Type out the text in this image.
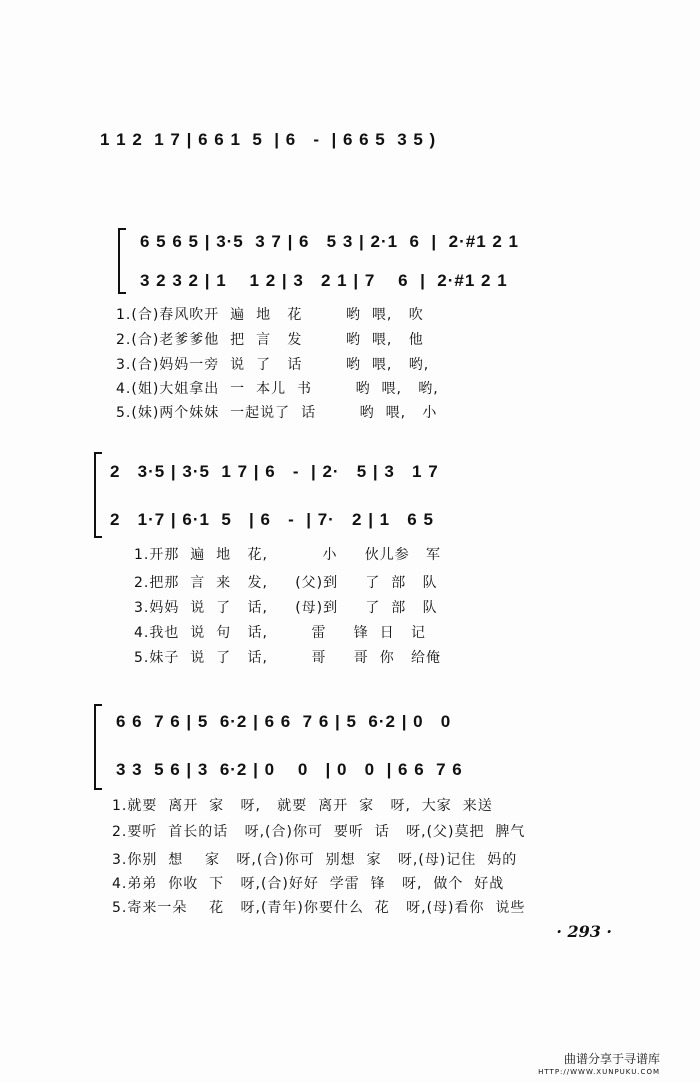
1 1 2  1 7 | 6 6 1  5  | 6   -  | 6 6 5  3 5 )
6 5 6 5 | 3·5  3 7 | 6   5 3 | 2·1  6  |  2·#1 2 1
3 2 3 2 | 1    1 2 | 3   2 1 | 7    6  |  2·#1 2 1
1.(合)春风吹开  遍  地   花        哟  喂,   吹
2.(合)老爹爹他  把  言   发        哟  喂,   他
3.(合)妈妈一旁  说  了   话        哟  喂,   哟,
4.(姐)大姐拿出  一  本儿  书        哟  喂,   哟,
5.(妹)两个妹妹  一起说了  话        哟  喂,   小
2   3·5 | 3·5  1 7 | 6   -  | 2·   5 | 3   1 7
2   1·7 | 6·1  5   | 6   -  | 7·   2 | 1   6 5
1.开那  遍  地   花,          小     伙儿参   军
2.把那  言  来   发,     (父)到     了  部   队
3.妈妈  说  了   话,     (母)到     了  部   队
4.我也  说  句   话,        雷     锋  日   记
5.妹子  说  了   话,        哥     哥  你   给俺
6 6  7 6 | 5  6·2 | 6 6  7 6 | 5  6·2 | 0   0
3 3  5 6 | 3  6·2 | 0    0   | 0   0  | 6 6  7 6
1.就要  离开  家   呀,   就要  离开  家   呀,  大家  来送
2.要听  首长的话   呀,(合)你可  要听  话   呀,(父)莫把  脾气
3.你别  想    家   呀,(合)你可  别想  家   呀,(母)记住  妈的
4.弟弟  你收  下   呀,(合)好好  学雷  锋   呀,  做个  好战
5.寄来一朵    花   呀,(青年)你要什么  花   呀,(母)看你  说些
· 293 ·
曲谱分享于寻谱库
HTTP://WWW.XUNPUKU.COM
